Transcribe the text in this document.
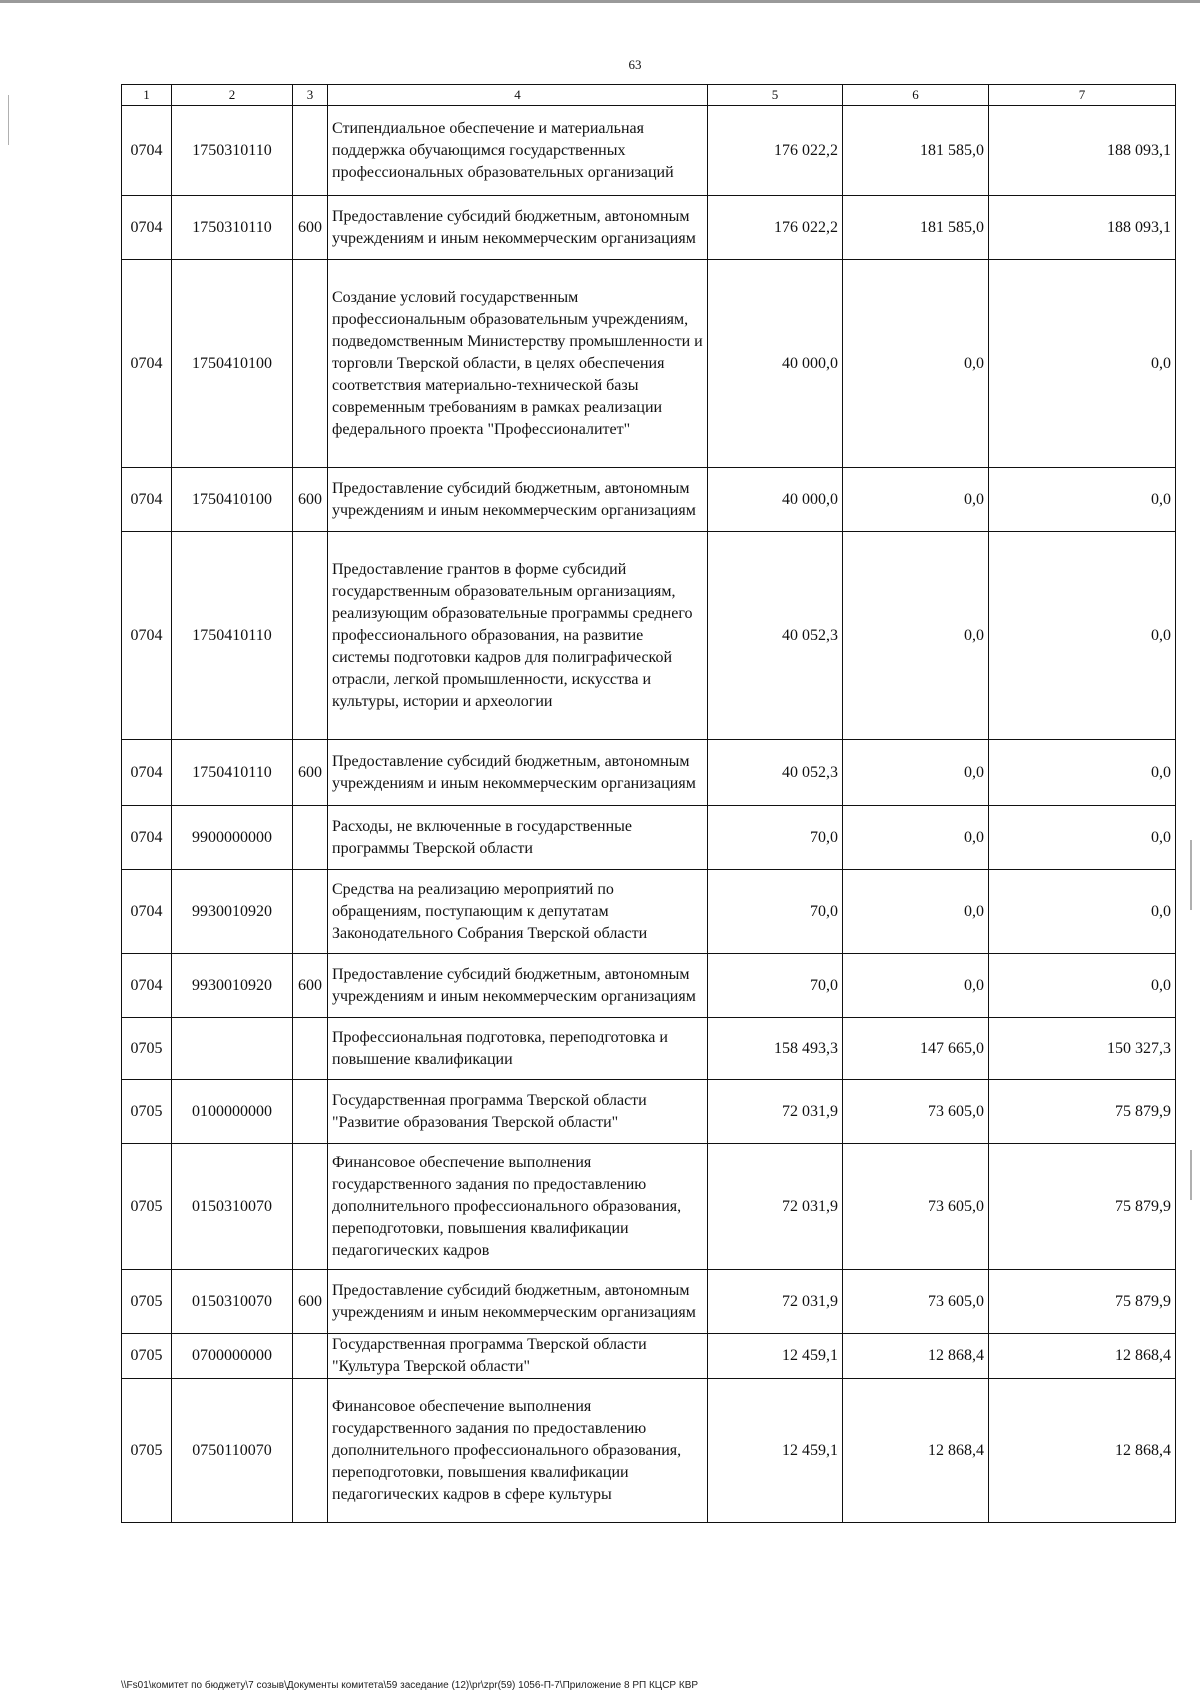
63
1	2	3	4	5	6	7
0704	1750310110		Стипендиальное обеспечение и материальная поддержка обучающимся государственных профессиональных образовательных организаций	176 022,2	181 585,0	188 093,1
0704	1750310110	600	Предоставление субсидий бюджетным, автономным учреждениям и иным некоммерческим организациям	176 022,2	181 585,0	188 093,1
0704	1750410100		Создание условий государственным профессиональным образовательным учреждениям, подведомственным Министерству промышленности и торговли Тверской области, в целях обеспечения соответствия материально-технической базы современным требованиям в рамках реализации федерального проекта "Профессионалитет"	40 000,0	0,0	0,0
0704	1750410100	600	Предоставление субсидий бюджетным, автономным учреждениям и иным некоммерческим организациям	40 000,0	0,0	0,0
0704	1750410110		Предоставление грантов в форме субсидий государственным образовательным организациям, реализующим образовательные программы среднего профессионального образования, на развитие системы подготовки кадров для полиграфической отрасли, легкой промышленности, искусства и культуры, истории и археологии	40 052,3	0,0	0,0
0704	1750410110	600	Предоставление субсидий бюджетным, автономным учреждениям и иным некоммерческим организациям	40 052,3	0,0	0,0
0704	9900000000		Расходы, не включенные в государственные программы Тверской области	70,0	0,0	0,0
0704	9930010920		Средства на реализацию мероприятий по обращениям, поступающим к депутатам Законодательного Собрания Тверской области	70,0	0,0	0,0
0704	9930010920	600	Предоставление субсидий бюджетным, автономным учреждениям и иным некоммерческим организациям	70,0	0,0	0,0
0705			Профессиональная подготовка, переподготовка и повышение квалификации	158 493,3	147 665,0	150 327,3
0705	0100000000		Государственная программа Тверской области "Развитие образования Тверской области"	72 031,9	73 605,0	75 879,9
0705	0150310070		Финансовое обеспечение выполнения государственного задания по предоставлению дополнительного профессионального образования, переподготовки, повышения квалификации педагогических кадров	72 031,9	73 605,0	75 879,9
0705	0150310070	600	Предоставление субсидий бюджетным, автономным учреждениям и иным некоммерческим организациям	72 031,9	73 605,0	75 879,9
0705	0700000000		Государственная программа Тверской области "Культура Тверской области"	12 459,1	12 868,4	12 868,4
0705	0750110070		Финансовое обеспечение выполнения государственного задания по предоставлению дополнительного профессионального образования, переподготовки, повышения квалификации педагогических кадров в сфере культуры	12 459,1	12 868,4	12 868,4
\\Fs01\комитет по бюджету\7 созыв\Документы комитета\59 заседание (12)\pr\zpr(59) 1056-П-7\Приложение 8 РП КЦСР КВР
